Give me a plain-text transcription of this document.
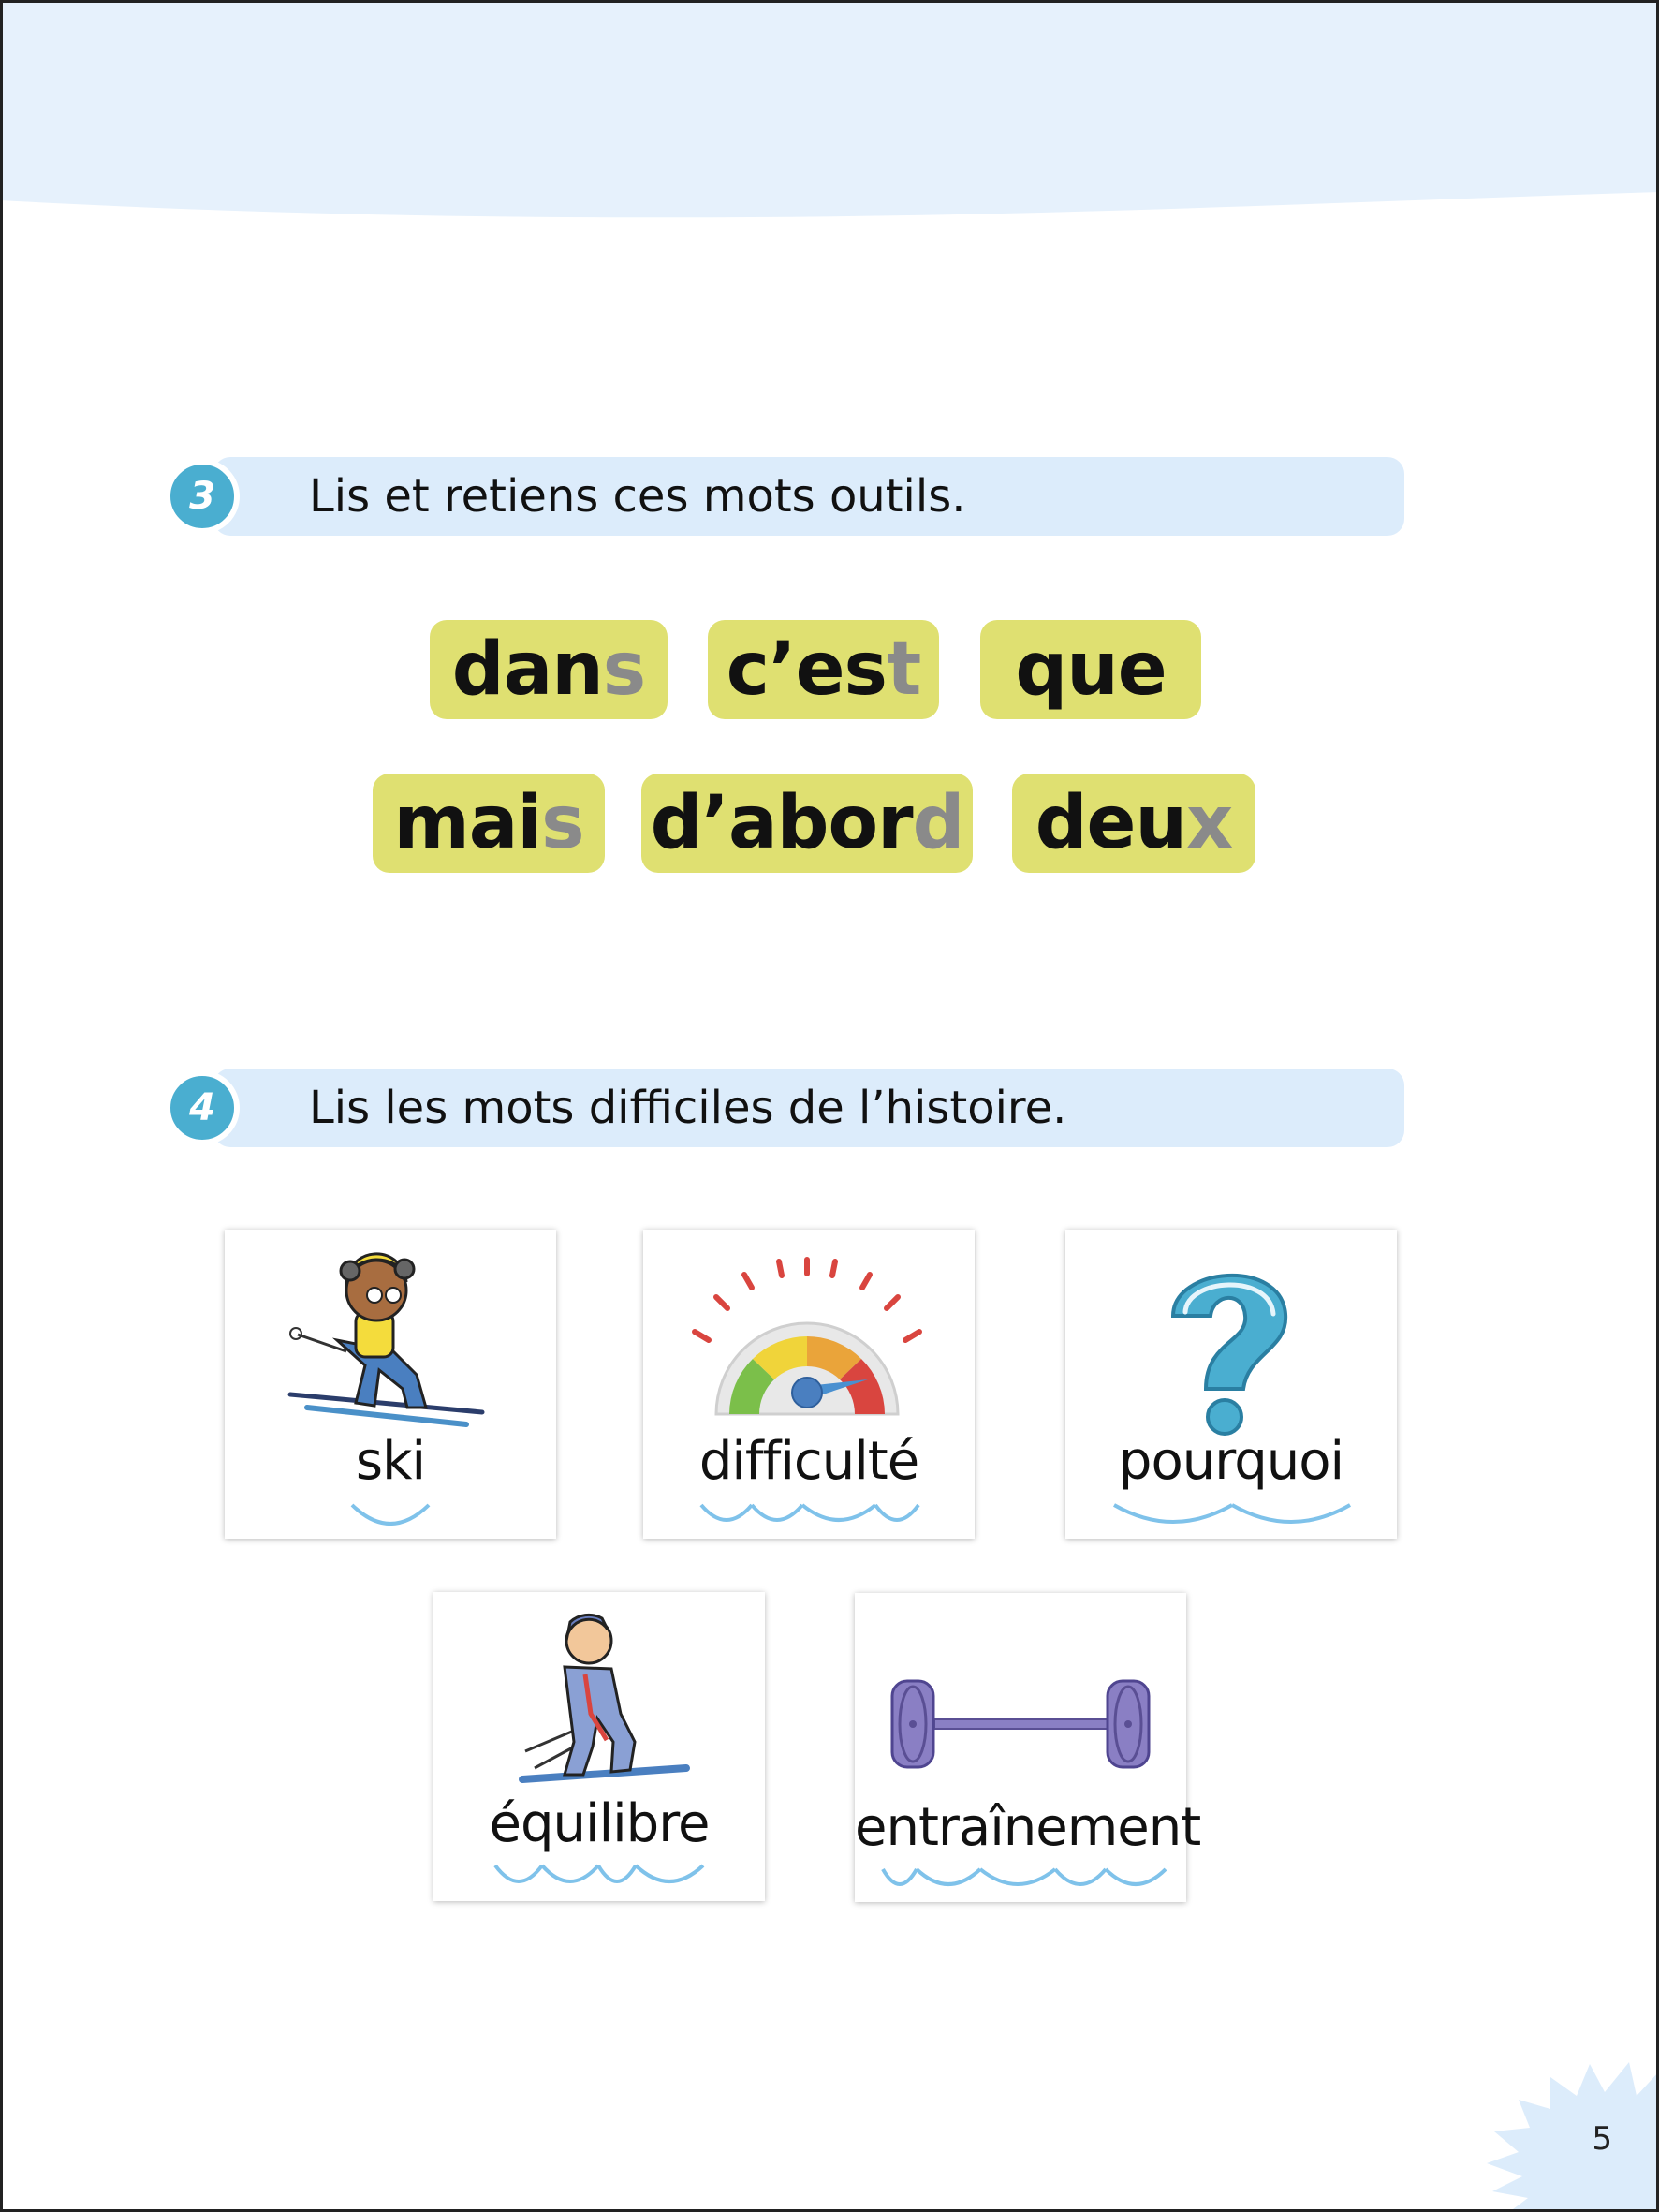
3	Lis et retiens ces mots outils.
dan s c’es t que
mai s d’abor d deu x
4	Lis les mots difficiles de l’histoire.
ski	difficulté	pourquoi
équilibre	entraînement
5
